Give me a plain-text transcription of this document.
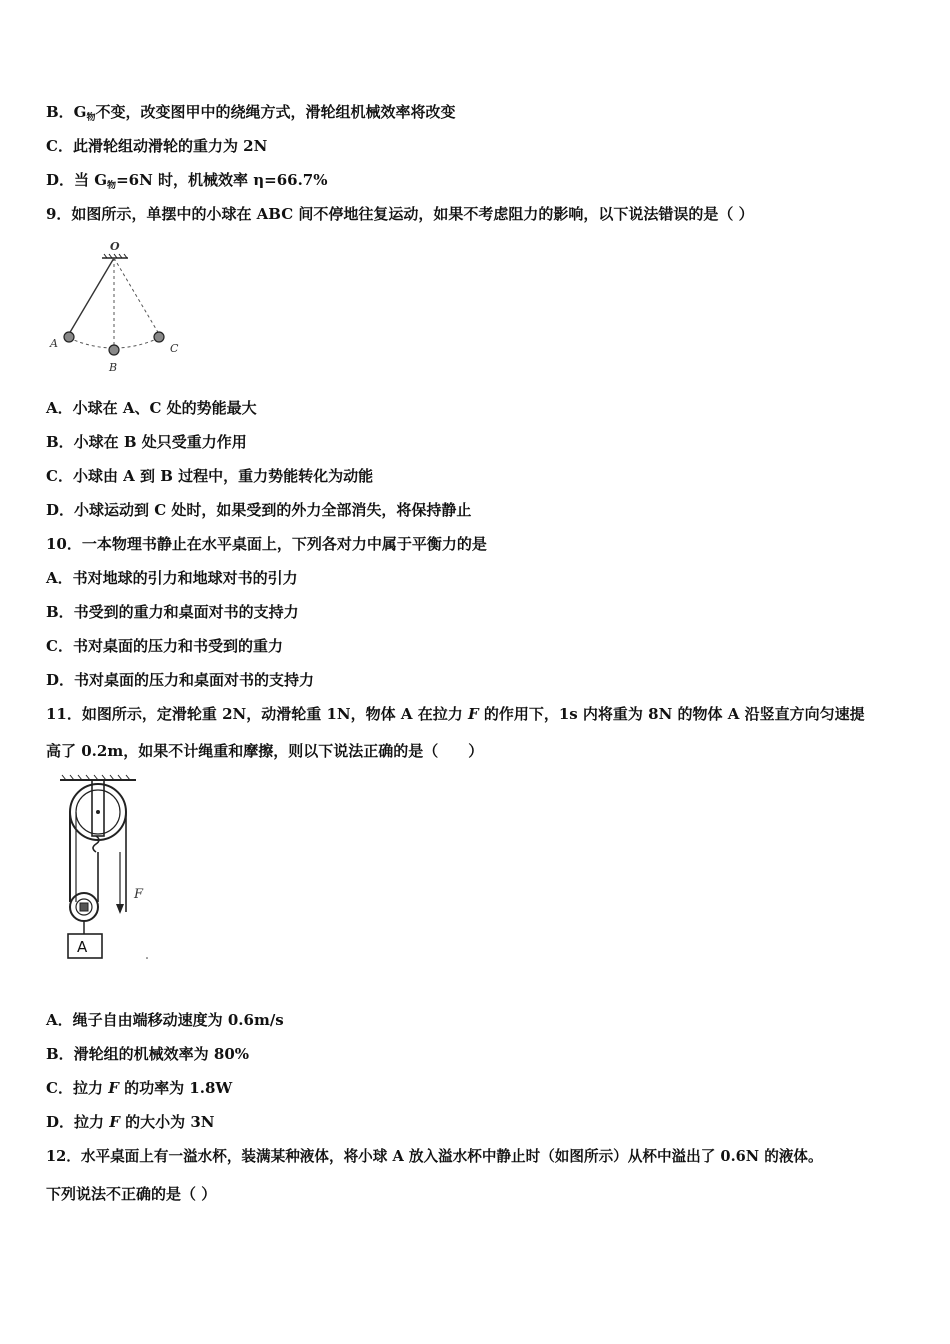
B．$G_物$不变，改变图甲中的绕绳方式，滑轮组机械效率将改变
C．此滑轮组动滑轮的重力为 2N
D．当 $G_物=6N$ 时，机械效率 η=66.7%
9．如图所示，单摆中的小球在 ABC 间不停地往复运动，如果不考虑阻力的影响，以下说法错误的是（ ）
O
A
B
C
A．小球在 A、C 处的势能最大
B．小球在 B 处只受重力作用
C．小球由 A 到 B 过程中，重力势能转化为动能
D．小球运动到 C 处时，如果受到的外力全部消失，将保持静止
10．一本物理书静止在水平桌面上，下列各对力中属于平衡力的是
A．书对地球的引力和地球对书的引力
B．书受到的重力和桌面对书的支持力
C．书对桌面的压力和书受到的重力
D．书对桌面的压力和桌面对书的支持力
11．如图所示，定滑轮重 2N，动滑轮重 1N，物体 A 在拉力 F 的作用下，1s 内将重为 8N 的物体 A 沿竖直方向匀速提
高了 0.2m，如果不计绳重和摩擦，则以下说法正确的是（　　）
F
A
A．绳子自由端移动速度为 0.6m/s
B．滑轮组的机械效率为 80%
C．拉力 F 的功率为 1.8W
D．拉力 F 的大小为 3N
12．水平桌面上有一溢水杯，装满某种液体，将小球 A 放入溢水杯中静止时（如图所示）从杯中溢出了 0.6N 的液体。
下列说法不正确的是（ ）
